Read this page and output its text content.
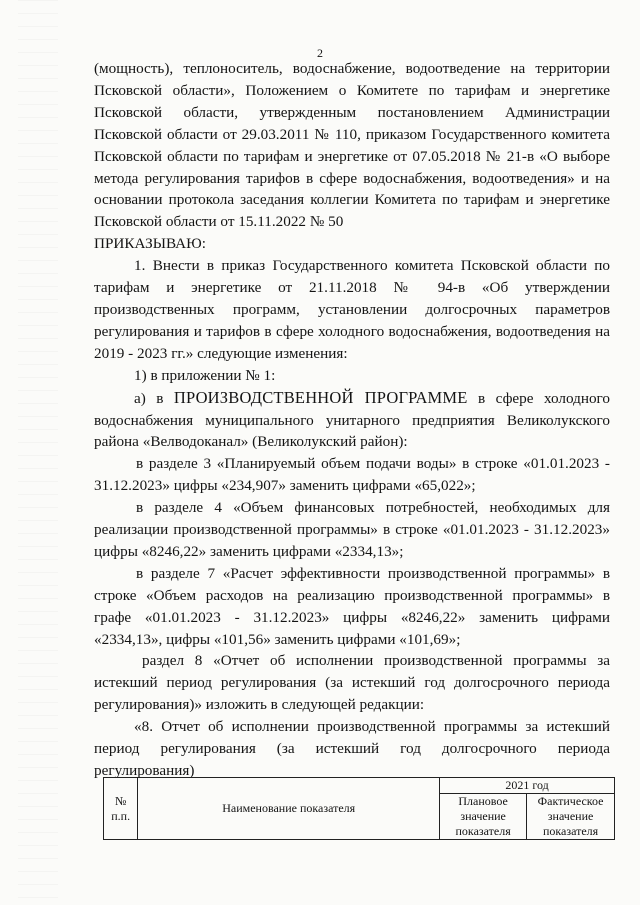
2

(мощность), теплоноситель, водоснабжение, водоотведение на территории Псковской области», Положением о Комитете по тарифам и энергетике Псковской области, утвержденным постановлением Администрации Псковской области от 29.03.2011 № 110, приказом Государственного комитета Псковской области по тарифам и энергетике от 07.05.2018 № 21-в «О выборе метода регулирования тарифов в сфере водоснабжения, водоотведения» и на основании протокола заседания коллегии Комитета по тарифам и энергетике Псковской области от 15.11.2022 № 50

ПРИКАЗЫВАЮ:

1. Внести в приказ Государственного комитета Псковской области по тарифам и энергетике от 21.11.2018 № 94-в «Об утверждении производственных программ, установлении долгосрочных параметров регулирования и тарифов в сфере холодного водоснабжения, водоотведения на 2019 - 2023 гг.» следующие изменения:

1) в приложении № 1:

а) в ПРОИЗВОДСТВЕННОЙ ПРОГРАММЕ в сфере холодного водоснабжения муниципального унитарного предприятия Великолукского района «Велводоканал» (Великолукский район):

в разделе 3 «Планируемый объем подачи воды» в строке «01.01.2023 - 31.12.2023» цифры «234,907» заменить цифрами «65,022»;

в разделе 4 «Объем финансовых потребностей, необходимых для реализации производственной программы» в строке «01.01.2023 - 31.12.2023» цифры «8246,22» заменить цифрами «2334,13»;

в разделе 7 «Расчет эффективности производственной программы» в строке «Объем расходов на реализацию производственной программы» в графе «01.01.2023 - 31.12.2023» цифры «8246,22» заменить цифрами «2334,13», цифры «101,56» заменить цифрами «101,69»;

раздел 8 «Отчет об исполнении производственной программы за истекший период регулирования (за истекший год долгосрочного периода регулирования)» изложить в следующей редакции:

«8. Отчет об исполнении производственной программы за истекший период регулирования (за истекший год долгосрочного периода регулирования)

№ п.п.	Наименование показателя	2021 год	
		Плановое значение показателя	Фактическое значение показателя
